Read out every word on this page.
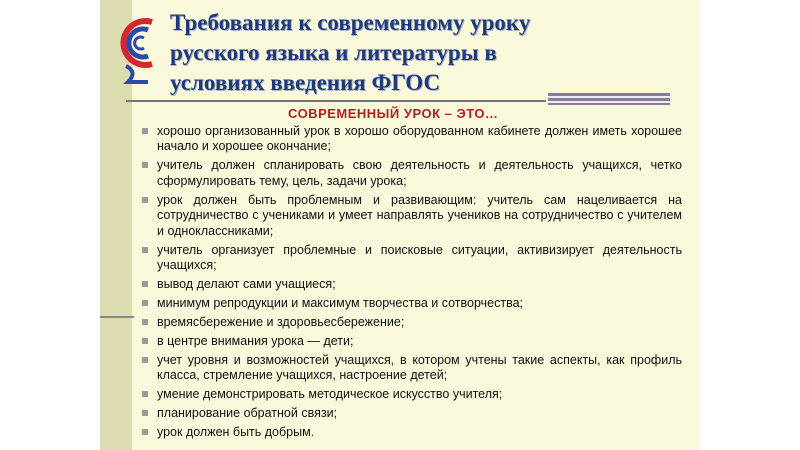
Требования к современному уроку
русского языка и литературы в
условиях введения ФГОС
СОВРЕМЕННЫЙ УРОК – ЭТО…
хорошо организованный урок в хорошо оборудованном кабинете должен иметь хорошее начало и хорошее окончание;
учитель должен спланировать свою деятельность и деятельность учащихся, четко сформулировать тему, цель, задачи урока;
урок должен быть проблемным и развивающим: учитель сам нацеливается на сотрудничество с учениками и умеет направлять учеников на сотрудничество с учителем и одноклассниками;
учитель организует проблемные и поисковые ситуации, активизирует деятельность учащихся;
вывод делают сами учащиеся;
минимум репродукции и максимум творчества и сотворчества;
времясбережение и здоровьесбережение;
в центре внимания урока — дети;
учет уровня и возможностей учащихся, в котором учтены такие аспекты, как профиль класса, стремление учащихся, настроение детей;
умение демонстрировать методическое искусство учителя;
планирование обратной связи;
урок должен быть добрым.
